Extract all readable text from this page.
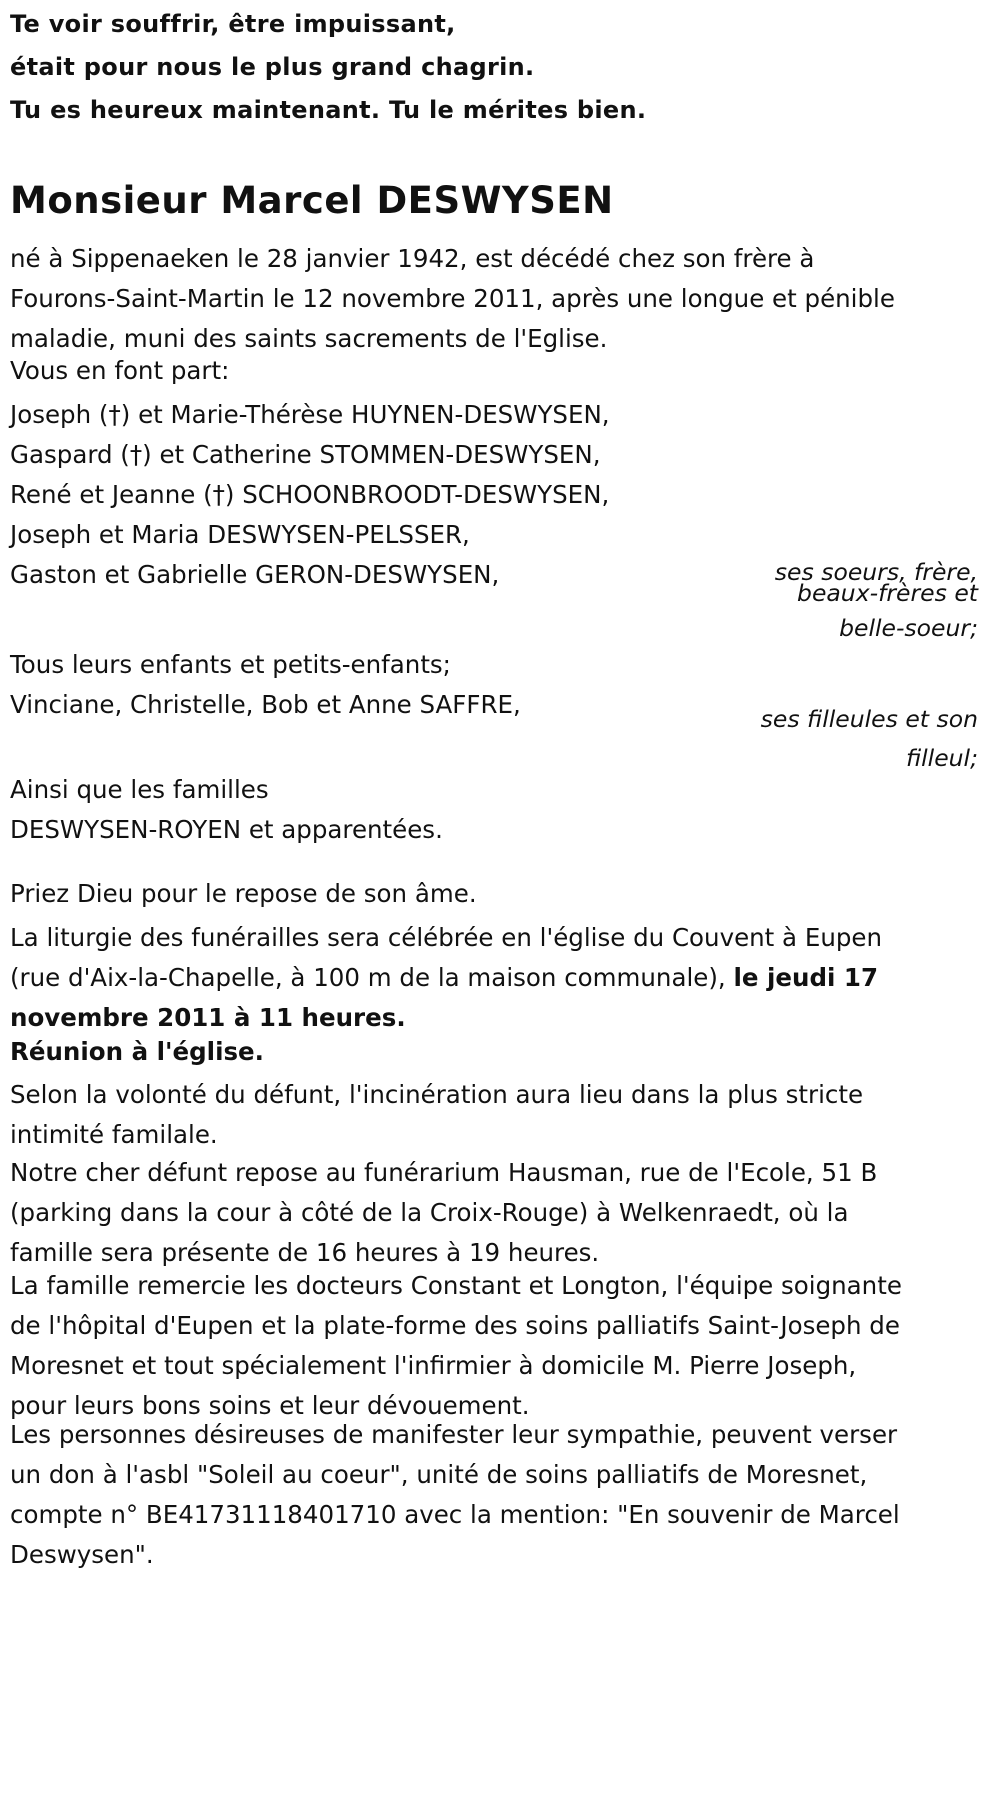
Te voir souffrir, être impuissant,
était pour nous le plus grand chagrin.
Tu es heureux maintenant. Tu le mérites bien.
Monsieur Marcel DESWYSEN
né à Sippenaeken le 28 janvier 1942, est décédé chez son frère à
Fourons-Saint-Martin le 12 novembre 2011, après une longue et pénible
maladie, muni des saints sacrements de l'Eglise.
Vous en font part:
Joseph (†) et Marie-Thérèse HUYNEN-DESWYSEN,
Gaspard (†) et Catherine STOMMEN-DESWYSEN,
René et Jeanne (†) SCHOONBROODT-DESWYSEN,
Joseph et Maria DESWYSEN-PELSSER,
Gaston et Gabrielle GERON-DESWYSEN,	ses soeurs, frère,
beaux-frères et
belle-soeur;
Tous leurs enfants et petits-enfants;
Vinciane, Christelle, Bob et Anne SAFFRE,	ses filleules et son
filleul;
Ainsi que les familles
DESWYSEN-ROYEN et apparentées.
Priez Dieu pour le repose de son âme.
La liturgie des funérailles sera célébrée en l'église du Couvent à Eupen
(rue d'Aix-la-Chapelle, à 100 m de la maison communale), le jeudi 17
novembre 2011 à 11 heures.
Réunion à l'église.
Selon la volonté du défunt, l'incinération aura lieu dans la plus stricte
intimité familale.
Notre cher défunt repose au funérarium Hausman, rue de l'Ecole, 51 B
(parking dans la cour à côté de la Croix-Rouge) à Welkenraedt, où la
famille sera présente de 16 heures à 19 heures.
La famille remercie les docteurs Constant et Longton, l'équipe soignante
de l'hôpital d'Eupen et la plate-forme des soins palliatifs Saint-Joseph de
Moresnet et tout spécialement l'infirmier à domicile M. Pierre Joseph,
pour leurs bons soins et leur dévouement.
Les personnes désireuses de manifester leur sympathie, peuvent verser
un don à l'asbl "Soleil au coeur", unité de soins palliatifs de Moresnet,
compte n° BE41731118401710 avec la mention: "En souvenir de Marcel
Deswysen".
